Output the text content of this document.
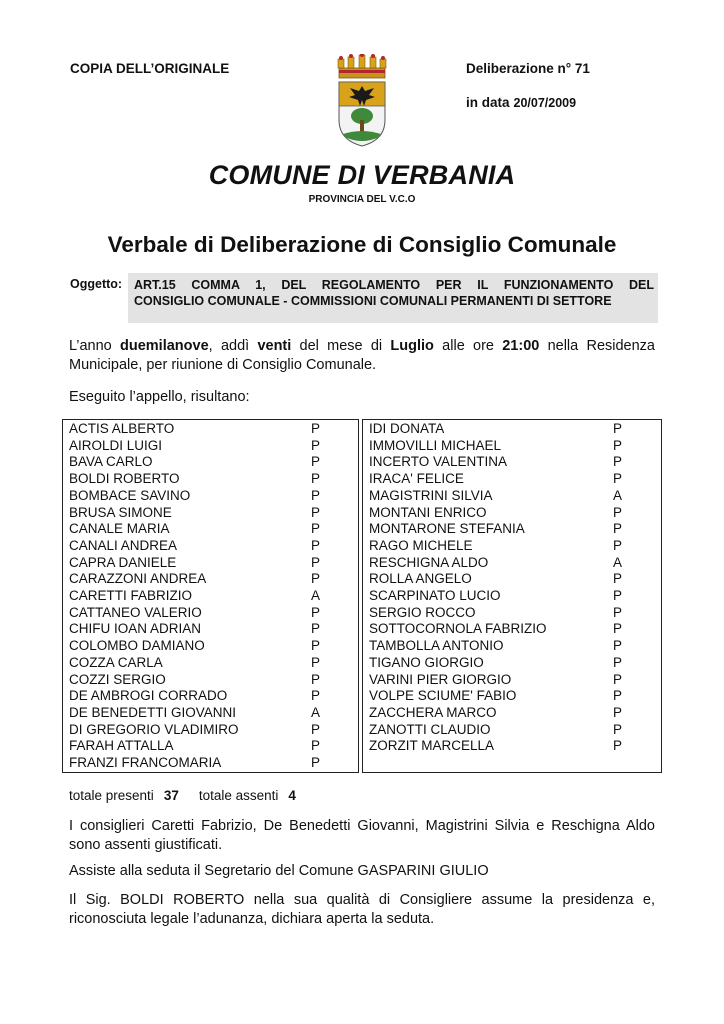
COPIA DELL’ORIGINALE	Deliberazione n° 71
in data 20/07/2009
COMUNE DI VERBANIA
PROVINCIA DEL V.C.O
Verbale di Deliberazione di Consiglio Comunale
Oggetto: ART.15 COMMA 1, DEL REGOLAMENTO PER IL FUNZIONAMENTO DEL
CONSIGLIO COMUNALE - COMMISSIONI COMUNALI PERMANENTI DI SETTORE
L’anno duemilanove, addì venti del mese di Luglio alle ore 21:00 nella Residenza
Municipale, per riunione di Consiglio Comunale.
Eseguito l’appello, risultano:
ACTIS ALBERTO	P
AIROLDI LUIGI	P
BAVA CARLO	P
BOLDI ROBERTO	P
BOMBACE SAVINO	P
BRUSA SIMONE	P
CANALE MARIA	P
CANALI ANDREA	P
CAPRA DANIELE	P
CARAZZONI ANDREA	P
CARETTI FABRIZIO	A
CATTANEO VALERIO	P
CHIFU IOAN ADRIAN	P
COLOMBO DAMIANO	P
COZZA CARLA	P
COZZI SERGIO	P
DE AMBROGI CORRADO	P
DE BENEDETTI GIOVANNI	A
DI GREGORIO VLADIMIRO	P
FARAH ATTALLA	P
FRANZI FRANCOMARIA	P
IDI DONATA	P
IMMOVILLI MICHAEL	P
INCERTO VALENTINA	P
IRACA' FELICE	P
MAGISTRINI SILVIA	A
MONTANI ENRICO	P
MONTARONE STEFANIA	P
RAGO MICHELE	P
RESCHIGNA ALDO	A
ROLLA ANGELO	P
SCARPINATO LUCIO	P
SERGIO ROCCO	P
SOTTOCORNOLA FABRIZIO	P
TAMBOLLA ANTONIO	P
TIGANO GIORGIO	P
VARINI PIER GIORGIO	P
VOLPE SCIUME' FABIO	P
ZACCHERA MARCO	P
ZANOTTI CLAUDIO	P
ZORZIT MARCELLA	P
totale presenti 37 totale assenti 4
I consiglieri Caretti Fabrizio, De Benedetti Giovanni, Magistrini Silvia e Reschigna Aldo
sono assenti giustificati.
Assiste alla seduta il Segretario del Comune GASPARINI GIULIO
Il Sig. BOLDI ROBERTO nella sua qualità di Consigliere assume la presidenza e,
riconosciuta legale l’adunanza, dichiara aperta la seduta.
